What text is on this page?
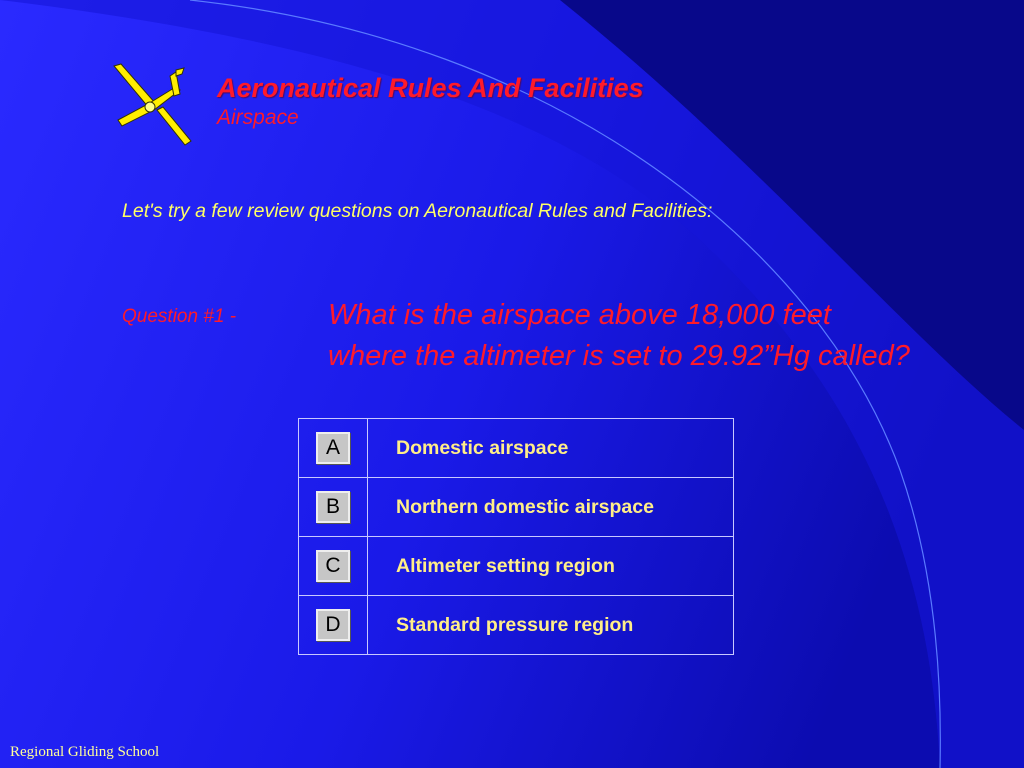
Aeronautical Rules And Facilities
Airspace
Let's try a few review questions on Aeronautical Rules and Facilities:
Question #1 -	What is the airspace above 18,000 feet
where the altimeter is set to 29.92”Hg called?
A	Domestic airspace
B	Northern domestic airspace
C	Altimeter setting region
D	Standard pressure region
Regional Gliding School
